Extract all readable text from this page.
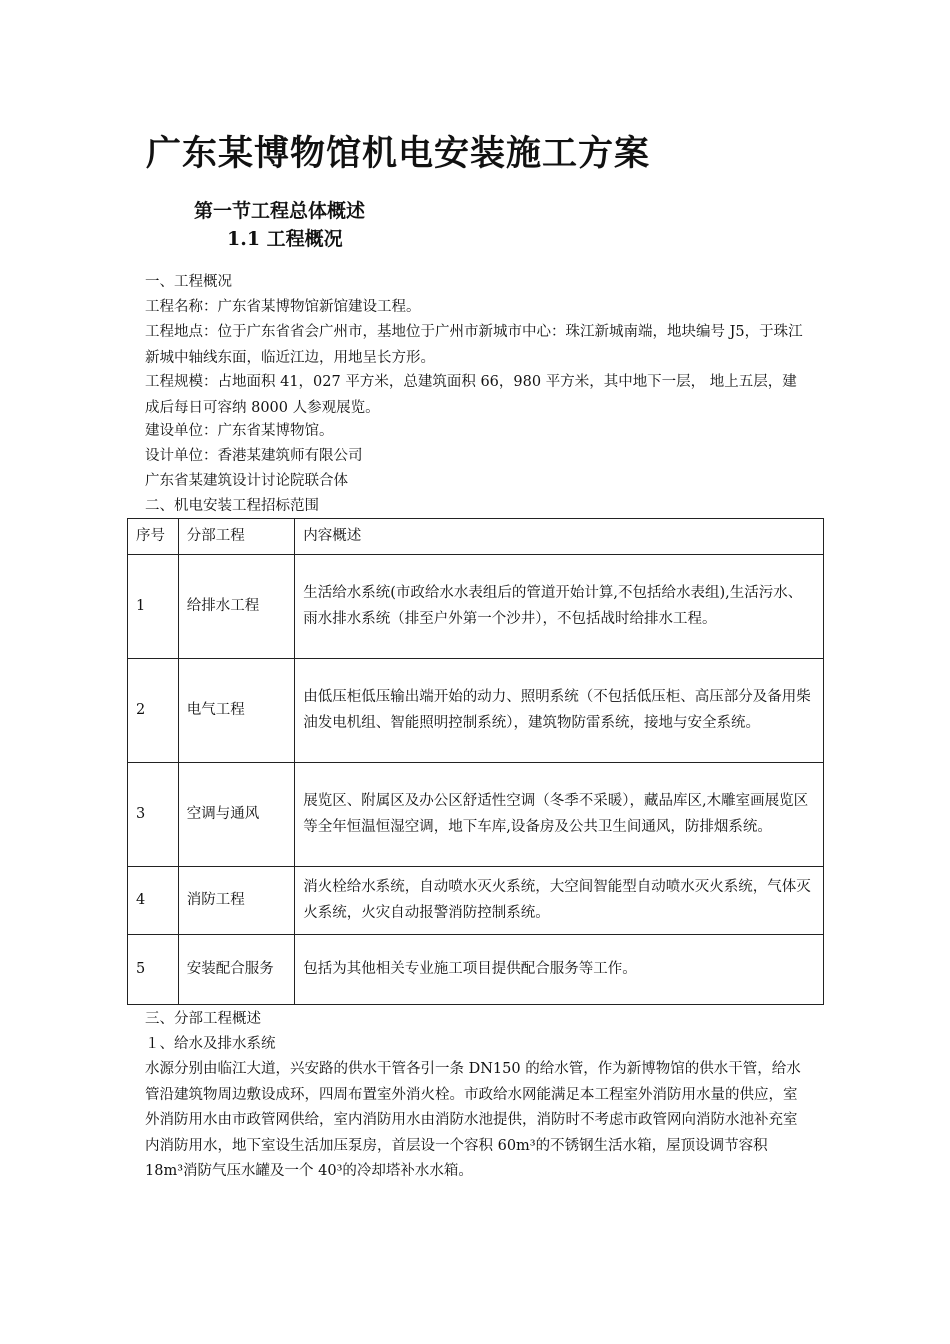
广东某博物馆机电安装施工方案
第一节工程总体概述
1.1 工程概况
一、工程概况
工程名称：广东省某博物馆新馆建设工程。
工程地点：位于广东省省会广州市，基地位于广州市新城市中心：珠江新城南端，地块编号 J5，于珠江新城中轴线东面，临近江边，用地呈长方形。
工程规模：占地面积 41，027 平方米，总建筑面积 66，980 平方米，其中地下一层， 地上五层，建成后每日可容纳 8000 人参观展览。
建设单位：广东省某博物馆。
设计单位：香港某建筑师有限公司
广东省某建筑设计讨论院联合体
二、机电安装工程招标范围
序号	分部工程	内容概述
1	给排水工程	生活给水系统(市政给水水表组后的管道开始计算,不包括给水表组),生活污水、雨水排水系统（排至户外第一个沙井），不包括战时给排水工程。
2	电气工程	由低压柜低压输出端开始的动力、照明系统（不包括低压柜、高压部分及备用柴油发电机组、智能照明控制系统），建筑物防雷系统，接地与安全系统。
3	空调与通风	展览区、附属区及办公区舒适性空调（冬季不采暖），藏品库区,木雕室画展览区等全年恒温恒湿空调，地下车库,设备房及公共卫生间通风，防排烟系统。
4	消防工程	消火栓给水系统，自动喷水灭火系统，大空间智能型自动喷水灭火系统，气体灭火系统，火灾自动报警消防控制系统。
5	安装配合服务	包括为其他相关专业施工项目提供配合服务等工作。
三、分部工程概述
１、给水及排水系统
水源分别由临江大道，兴安路的供水干管各引一条 DN150 的给水管，作为新博物馆的供水干管，给水管沿建筑物周边敷设成环，四周布置室外消火栓。市政给水网能满足本工程室外消防用水量的供应，室外消防用水由市政管网供给，室内消防用水由消防水池提供，消防时不考虑市政管网向消防水池补充室内消防用水，地下室设生活加压泵房，首层设一个容积 60m³的不锈钢生活水箱，屋顶设调节容积 18m³消防气压水罐及一个 40³的冷却塔补水水箱。
